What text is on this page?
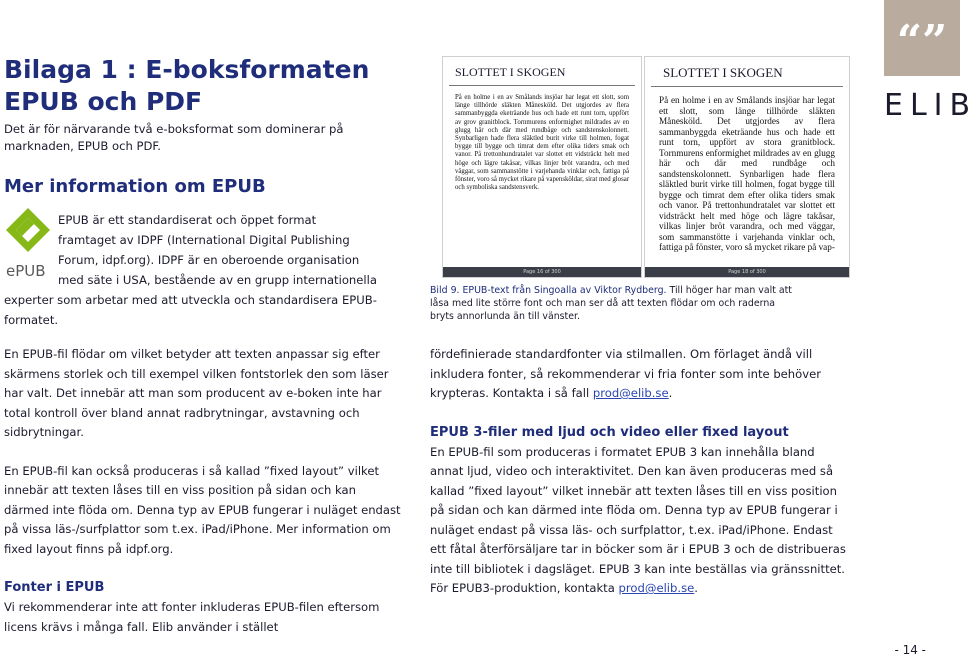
Bilaga 1 : E-boksformaten
EPUB och PDF
Det är för närvarande två e-boksformat som dominerar på marknaden, EPUB och PDF.
Mer information om EPUB
ePUB
EPUB är ett standardiserat och öppet format
framtaget av IDPF (International Digital Publishing
Forum, idpf.org). IDPF är en oberoende organisation
med säte i USA, bestående av en grupp internationella
experter som arbetar med att utveckla och standardisera EPUB-
formatet.
SLOTTET I SKOGEN
På en holme i en av Smålands insjöar har legat ett slott, som länge tillhörde släkten Månesköld. Det utgjordes av flera sammanbyggda eketräande hus och hade ett runt torn, uppfört av grov granitblock. Tornmurens enformighet mildrades av en glugg här och där med rundbåge och sandstenskolonnett. Synbarligen hade flera släktled burit virke till holmen, fogat bygge till bygge och timrat dem efter olika tiders smak och vanor. På trettonhundratalet var slottet ett vidsträckt helt med höge och lägre takåsar, vilkas linjer bröt varandra, och med väggar, som sammanstötte i varjehanda vinklar och, fattiga på fönster, voro så mycket rikare på vapensköldar, sirat med glosar och symboliska sandstensverk.
Page 16 of 300
SLOTTET I SKOGEN
På en holme i en av Smålands insjöar har legat ett slott, som länge tillhörde släkten Månesköld. Det utgjordes av flera sammanbyggda eketräande hus och hade ett runt torn, uppfört av stora granitblock. Tornmurens enformighet mildrades av en glugg här och där med rundbåge och sandstenskolonnett. Synbarligen hade flera släktled burit virke till holmen, fogat bygge till bygge och timrat dem efter olika tiders smak och vanor. På trettonhundratalet var slottet ett vidsträckt helt med höge och lägre takåsar, vilkas linjer bröt varandra, och med väggar, som sammanstötte i varjehanda vinklar och, fattiga på fönster, voro så mycket rikare på vap-
Page 18 of 300
Bild 9. EPUB-text från Singoalla av Viktor Rydberg. Till höger har man valt att låsa med lite större font och man ser då att texten flödar om och raderna bryts annorlunda än till vänster.
“”
ELIB

En EPUB-fil flödar om vilket betyder att texten anpassar sig efter skärmens storlek och till exempel vilken fontstorlek den som läser har valt. Det innebär att man som producent av e-boken inte har total kontroll över bland annat radbrytningar, avstavning och sidbrytningar.

En EPUB-fil kan också produceras i så kallad ”fixed layout” vilket innebär att texten låses till en viss position på sidan och kan därmed inte flöda om. Denna typ av EPUB fungerar i nuläget endast på vissa läs-/surfplattor som t.ex. iPad/iPhone. Mer information om fixed layout finns på idpf.org.

Fonter i EPUB

Vi rekommenderar inte att fonter inkluderas EPUB-filen eftersom licens krävs i många fall. Elib använder i stället

fördefinierade standardfonter via stilmallen. Om förlaget ändå vill inkludera fonter, så rekommenderar vi fria fonter som inte behöver krypteras. Kontakta i så fall prod@elib.se.

EPUB 3-filer med ljud och video eller fixed layout

En EPUB-fil som produceras i formatet EPUB 3 kan innehålla bland annat ljud, video och interaktivitet. Den kan även produceras med så kallad ”fixed layout” vilket innebär att texten låses till en viss position på sidan och kan därmed inte flöda om. Denna typ av EPUB fungerar i nuläget endast på vissa läs- och surfplattor, t.ex. iPad/iPhone. Endast ett fåtal återförsäljare tar in böcker som är i EPUB 3 och de distribueras inte till bibliotek i dagsläget. EPUB 3 kan inte beställas via gränssnittet. För EPUB3-produktion, kontakta prod@elib.se.

- 14 -
